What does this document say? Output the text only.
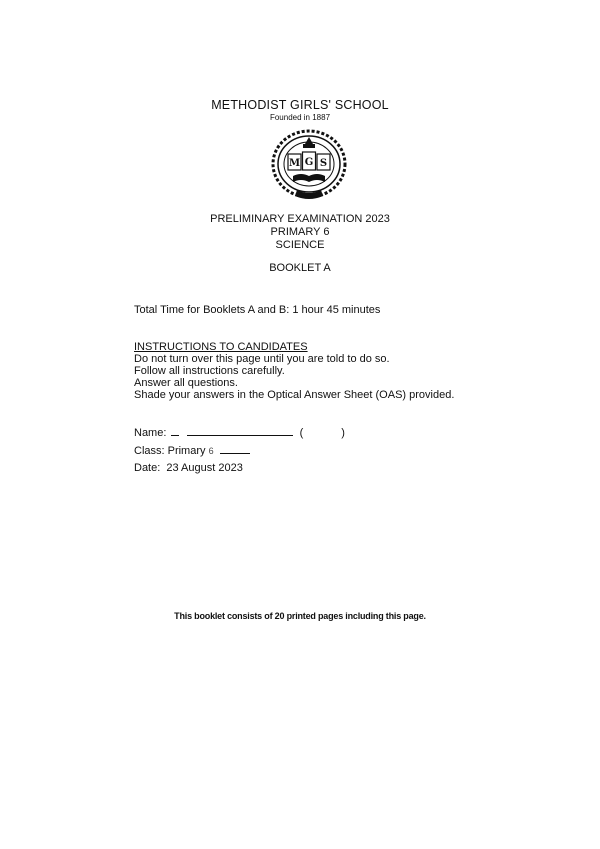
METHODIST GIRLS' SCHOOL
Founded in 1887
M G S
PRELIMINARY EXAMINATION 2023
PRIMARY 6
SCIENCE
BOOKLET A
Total Time for Booklets A and B: 1 hour 45 minutes
INSTRUCTIONS TO CANDIDATES
Do not turn over this page until you are told to do so.
Follow all instructions carefully.
Answer all questions.
Shade your answers in the Optical Answer Sheet (OAS) provided.
Name:	(	)
Class: Primary 6
Date: 23 August 2023
This booklet consists of 20 printed pages including this page.
